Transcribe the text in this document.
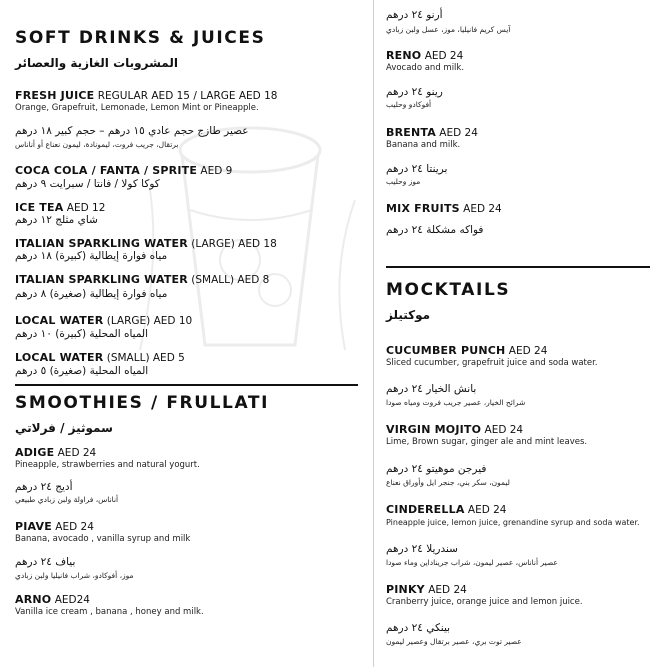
SOFT DRINKS & JUICES
المشروبات الغازية والعصائر
FRESH JUICE REGULAR AED 15 / LARGE AED 18
Orange, Grapefruit, Lemonade, Lemon Mint or Pineapple.
عصير طازج حجم عادي ١٥ درهم – حجم كبير ١٨ درهم
برتقال، جريب فروت، ليمونادة، ليمون نعناع أو أناناس
COCA COLA / FANTA / SPRITE AED 9
كوكا كولا / فانتا / سبرايت ٩ درهم
ICE TEA AED 12
شاي مثلج ١٢ درهم
ITALIAN SPARKLING WATER (LARGE) AED 18
مياه فوارة إيطالية (كبيرة) ١٨ درهم
ITALIAN SPARKLING WATER (SMALL) AED 8
مياه فوارة إيطالية (صغيرة) ٨ درهم
LOCAL WATER (LARGE) AED 10
المياه المحلية (كبيرة) ١٠ درهم
LOCAL WATER (SMALL) AED 5
المياه المحلية (صغيرة) ٥ درهم
SMOOTHIES / FRULLATI
سموثيز / فرلاتي
ADIGE AED 24
Pineapple, strawberries and natural yogurt.
أديج ٢٤ درهم
أناناس، فراولة ولبن زبادي طبيعي
PIAVE AED 24
Banana, avocado , vanilla syrup and milk
بياف ٢٤ درهم
موز، أفوكادو، شراب فانيليا ولبن زبادي
ARNO AED24
Vanilla ice cream , banana , honey and milk.
أرنو ٢٤ درهم
آيس كريم فانيليا، موز، عسل ولبن زبادي
RENO AED 24
Avocado and milk.
رينو ٢٤ درهم
أفوكادو وحليب
BRENTA AED 24
Banana and milk.
برينتا ٢٤ درهم
موز وحليب
MIX FRUITS AED 24
فواكه مشكلة ٢٤ درهم
MOCKTAILS
موكتيلز
CUCUMBER PUNCH AED 24
Sliced cucumber, grapefruit juice and soda water.
بانش الخيار ٢٤ درهم
شرائح الخيار، عصير جريب فروت ومياه صودا
VIRGIN MOJITO AED 24
Lime, Brown sugar, ginger ale and mint leaves.
فيرجن موهيتو ٢٤ درهم
ليمون، سكر بني، جنجر ايل وأوراق نعناع
CINDERELLA AED 24
Pineapple juice, lemon juice, grenandine syrup and soda water.
سندريلا ٢٤ درهم
عصير أناناس، عصير ليمون، شراب جريناداين وماء صودا
PINKY AED 24
Cranberry juice, orange juice and lemon juice.
بينكي ٢٤ درهم
عصير توت بري، عصير برتقال وعصير ليمون
